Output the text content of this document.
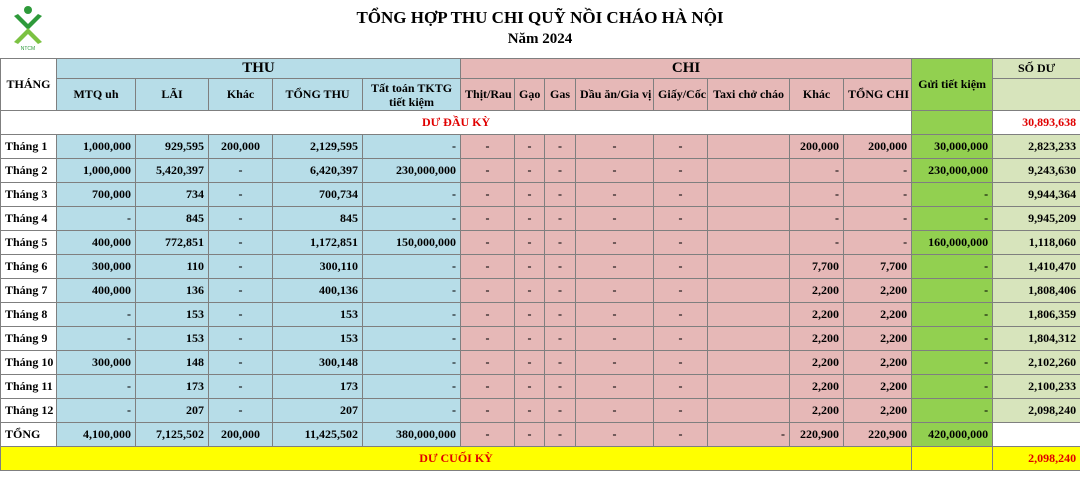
NTCM
TỔNG HỢP THU CHI QUỸ NỒI CHÁO HÀ NỘI
Năm 2024
THÁNG	THU					CHI								Gửi tiết kiệm	SỐ DƯ
	MTQ uh	LÃI	Khác	TỔNG THU	Tất toán TKTG tiết kiệm	Thịt/Rau	Gạo	Gas	Dầu ăn/Gia vị	Giấy/Cốc	Taxi chở cháo	Khác	TỔNG CHI		
DƯ ĐẦU KỲ															30,893,638
Tháng 1	1,000,000	929,595	200,000	2,129,595	-	-	-	-	-	-		200,000	200,000	30,000,000	2,823,233
Tháng 2	1,000,000	5,420,397	-	6,420,397	230,000,000	-	-	-	-	-		-	-	230,000,000	9,243,630
Tháng 3	700,000	734	-	700,734	-	-	-	-	-	-		-	-	-	9,944,364
Tháng 4	-	845	-	845	-	-	-	-	-	-		-	-	-	9,945,209
Tháng 5	400,000	772,851	-	1,172,851	150,000,000	-	-	-	-	-		-	-	160,000,000	1,118,060
Tháng 6	300,000	110	-	300,110	-	-	-	-	-	-		7,700	7,700	-	1,410,470
Tháng 7	400,000	136	-	400,136	-	-	-	-	-	-		2,200	2,200	-	1,808,406
Tháng 8	-	153	-	153	-	-	-	-	-	-		2,200	2,200	-	1,806,359
Tháng 9	-	153	-	153	-	-	-	-	-	-		2,200	2,200	-	1,804,312
Tháng 10	300,000	148	-	300,148	-	-	-	-	-	-		2,200	2,200	-	2,102,260
Tháng 11	-	173	-	173	-	-	-	-	-	-		2,200	2,200	-	2,100,233
Tháng 12	-	207	-	207	-	-	-	-	-	-		2,200	2,200	-	2,098,240
TỔNG	4,100,000	7,125,502	200,000	11,425,502	380,000,000	-	-	-	-	-	-	220,900	220,900	420,000,000	
DƯ CUỐI KỲ															2,098,240
